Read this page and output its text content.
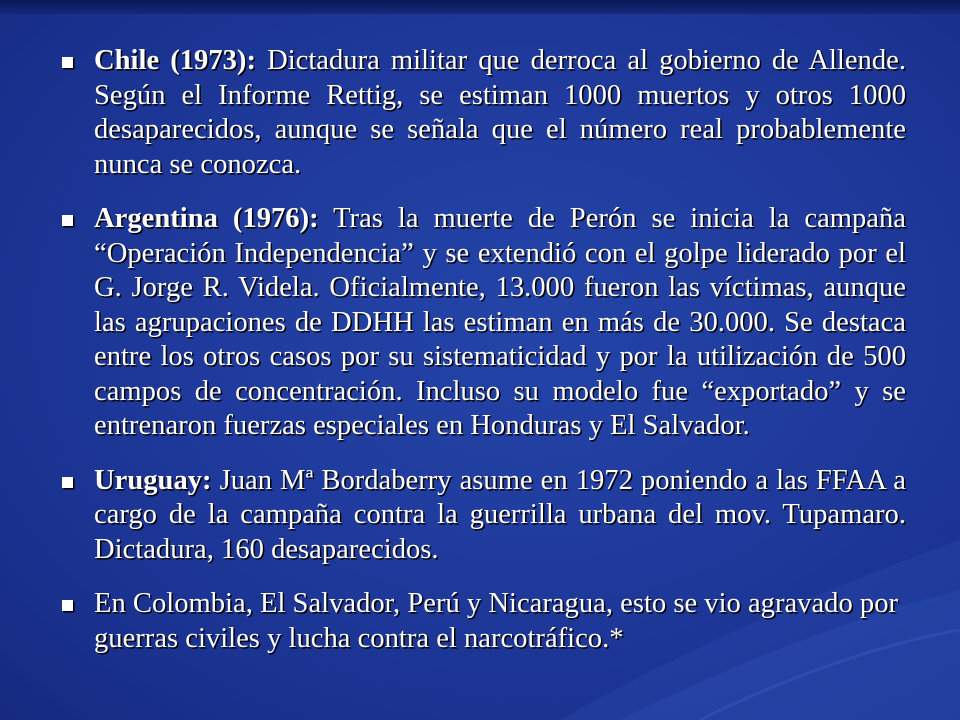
Chile (1973): Dictadura militar que derroca al gobierno de Allende. Según el Informe Rettig, se estiman 1000 muertos y otros 1000 desaparecidos, aunque se señala que el número real probablemente nunca se conozca.
Argentina (1976): Tras la muerte de Perón se inicia la campaña “Operación Independencia” y se extendió con el golpe liderado por el G. Jorge R. Videla. Oficialmente, 13.000 fueron las víctimas, aunque las agrupaciones de DDHH las estiman en más de 30.000. Se destaca entre los otros casos por su sistematicidad y por la utilización de 500 campos de concentración. Incluso su modelo fue “exportado” y se entrenaron fuerzas especiales en Honduras y El Salvador.
Uruguay: Juan Mª Bordaberry asume en 1972 poniendo a las FFAA a cargo de la campaña contra la guerrilla urbana del mov. Tupamaro. Dictadura, 160 desaparecidos.
En Colombia, El Salvador, Perú y Nicaragua, esto se vio agravado por guerras civiles y lucha contra el narcotráfico.*
